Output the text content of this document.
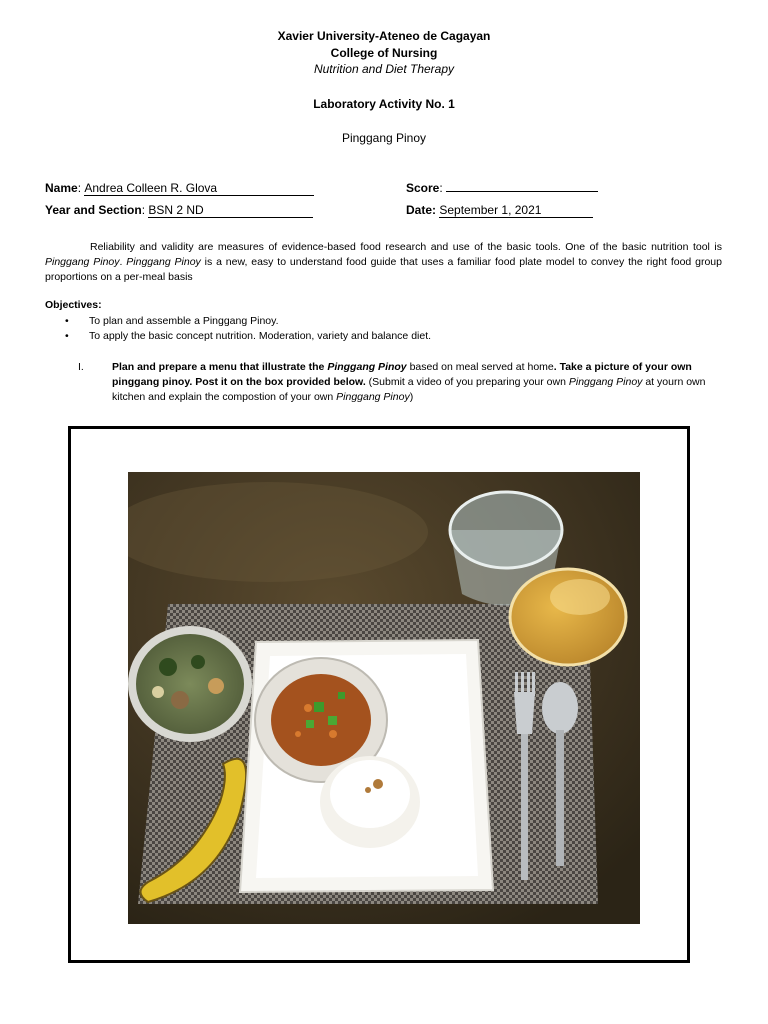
Xavier University-Ateneo de Cagayan
College of Nursing
Nutrition and Diet Therapy
Laboratory Activity No. 1
Pinggang Pinoy
Name: Andrea Colleen R. Glova
Year and Section: BSN 2 ND
Score:
Date: September 1, 2021
Reliability and validity are measures of evidence-based food research and use of the basic tools. One of the basic nutrition tool is Pinggang Pinoy. Pinggang Pinoy is a new, easy to understand food guide that uses a familiar food plate model to convey the right food group proportions on a per-meal basis
Objectives:
• To plan and assemble a Pinggang Pinoy.
• To apply the basic concept nutrition. Moderation, variety and balance diet.
I.	Plan and prepare a menu that illustrate the Pinggang Pinoy based on meal served at home. Take a picture of your own pinggang pinoy. Post it on the box provided below. (Submit a video of you preparing your own Pinggang Pinoy at yourn own kitchen and explain the compostion of your own Pinggang Pinoy)
